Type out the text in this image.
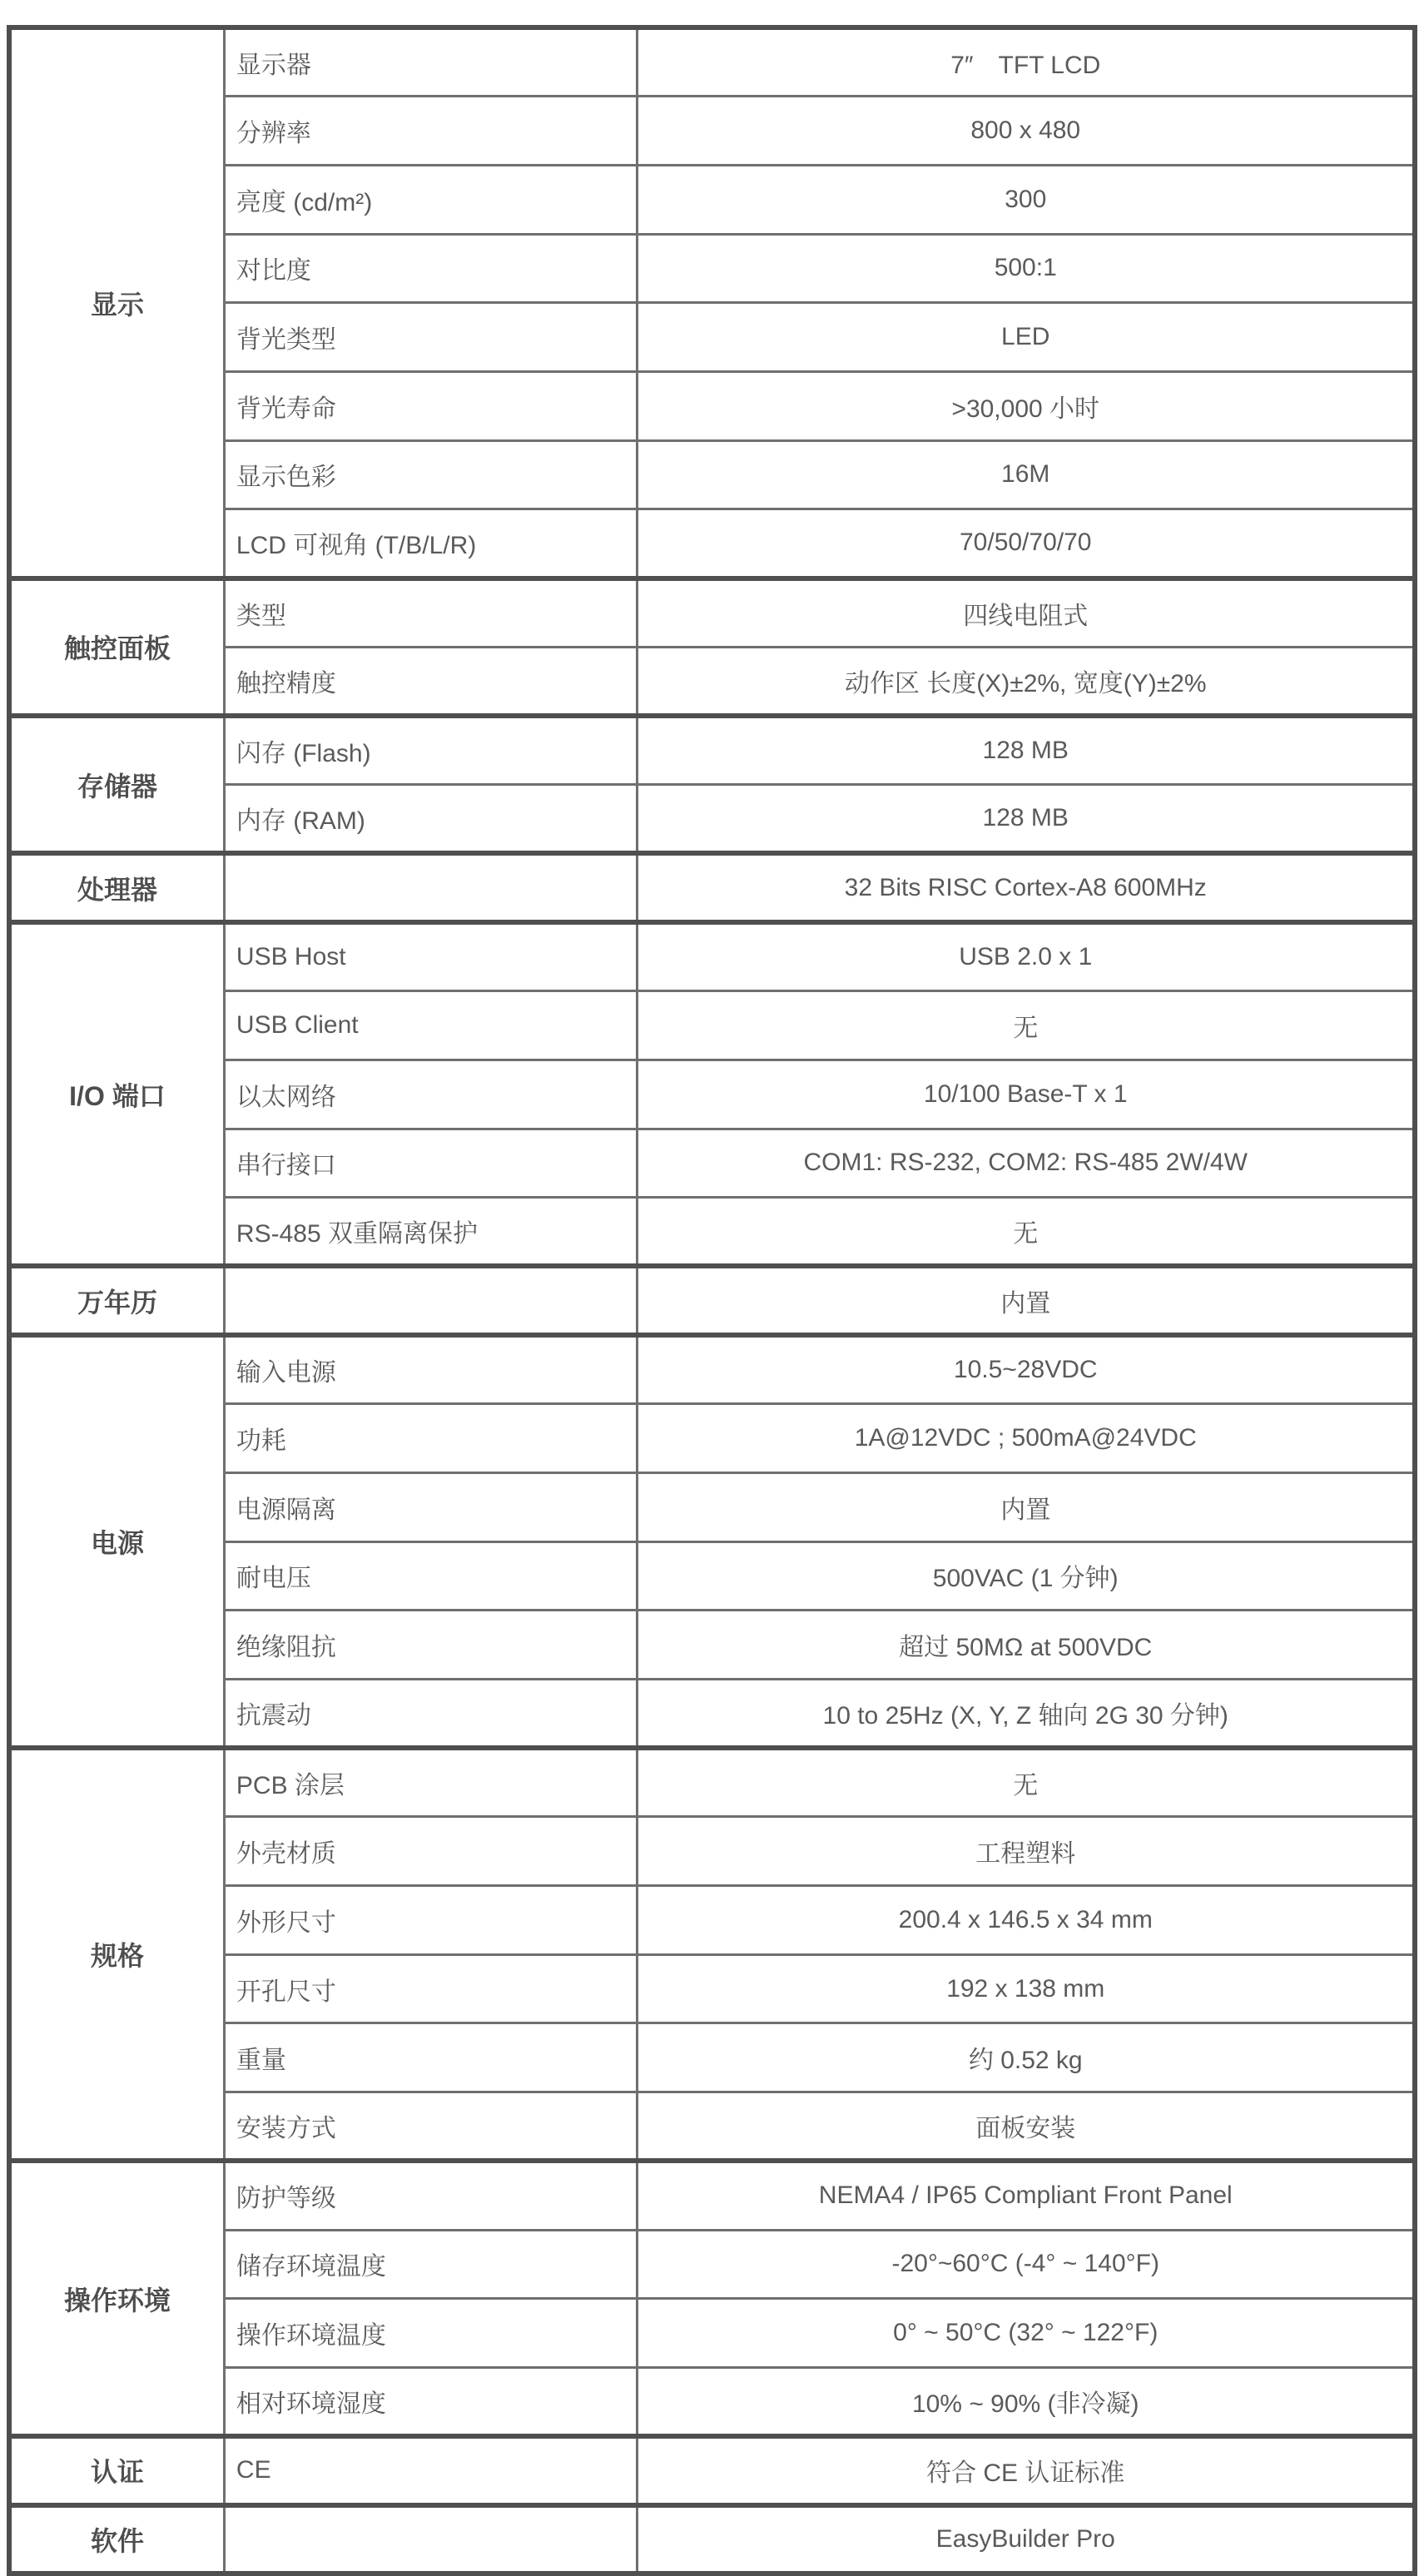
显示	显示器	7″　TFT LCD
	分辨率	800 x 480
	亮度 (cd/m²)	300
	对比度	500:1
	背光类型	LED
	背光寿命	>30,000 小时
	显示色彩	16M
	LCD 可视角 (T/B/L/R)	70/50/70/70
触控面板	类型	四线电阻式
	触控精度	动作区 长度(X)±2%, 宽度(Y)±2%
存储器	闪存 (Flash)	128 MB
	内存 (RAM)	128 MB
处理器		32 Bits RISC Cortex-A8 600MHz
I/O 端口	USB Host	USB 2.0 x 1
	USB Client	无
	以太网络	10/100 Base-T x 1
	串行接口	COM1: RS-232, COM2: RS-485 2W/4W
	RS-485 双重隔离保护	无
万年历		内置
电源	输入电源	10.5~28VDC
	功耗	1A@12VDC ; 500mA@24VDC
	电源隔离	内置
	耐电压	500VAC (1 分钟)
	绝缘阻抗	超过 50MΩ at 500VDC
	抗震动	10 to 25Hz (X, Y, Z 轴向 2G 30 分钟)
规格	PCB 涂层	无
	外壳材质	工程塑料
	外形尺寸	200.4 x 146.5 x 34 mm
	开孔尺寸	192 x 138 mm
	重量	约 0.52 kg
	安装方式	面板安装
操作环境	防护等级	NEMA4 / IP65 Compliant Front Panel
	储存环境温度	-20°~60°C (-4° ~ 140°F)
	操作环境温度	0° ~ 50°C (32° ~ 122°F)
	相对环境湿度	10% ~ 90% (非冷凝)
认证	CE	符合 CE 认证标准
软件		EasyBuilder Pro
